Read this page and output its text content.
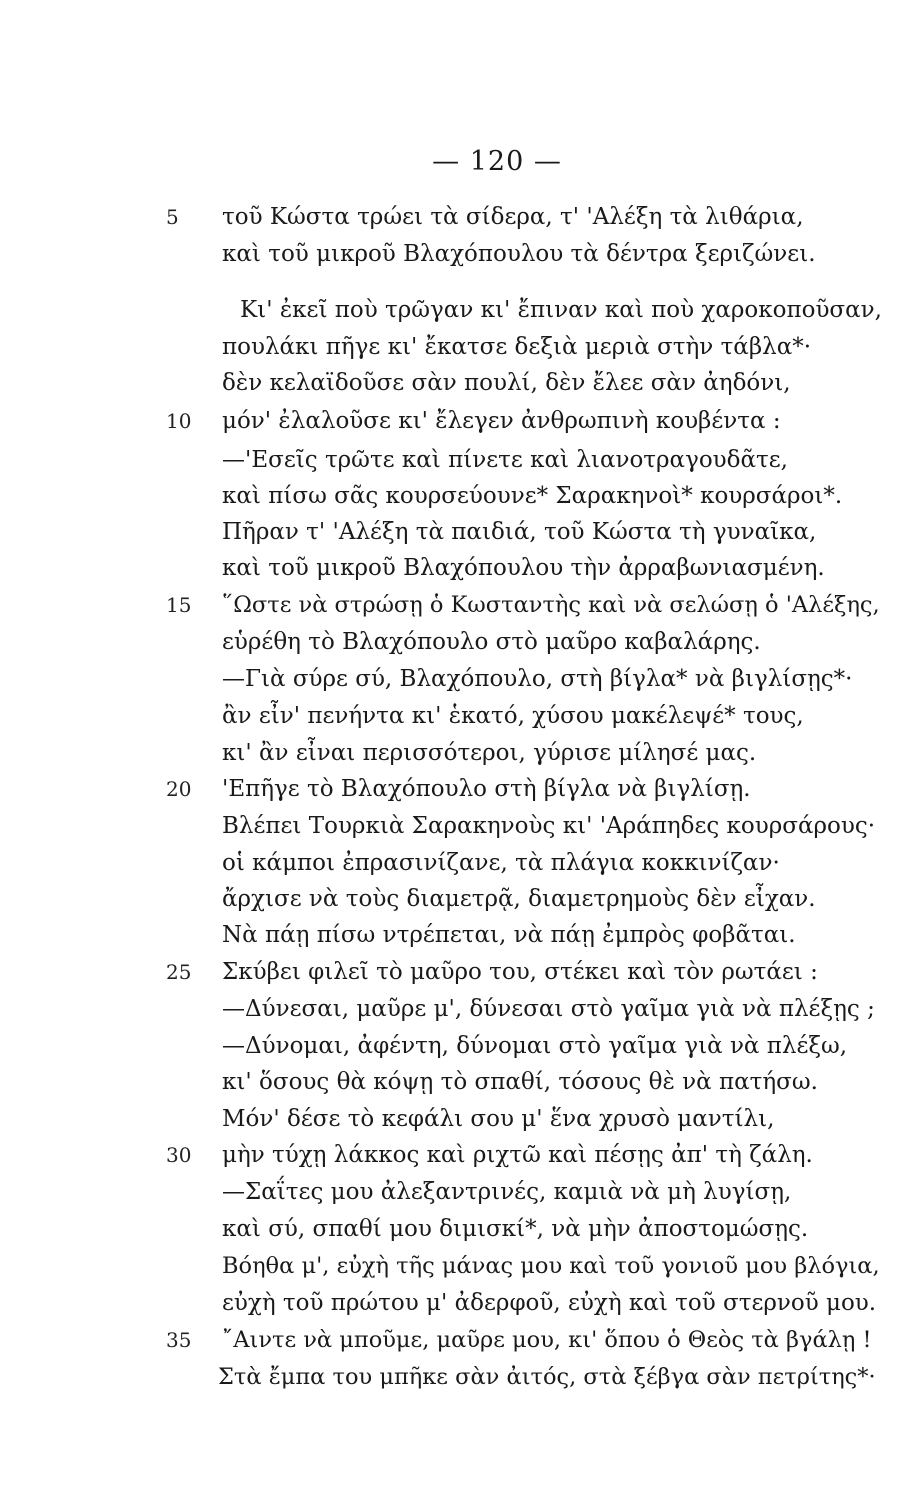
— 120 —
5	τοῦ Κώστα τρώει τὰ σίδερα, τ' 'Αλέξη τὰ λιθάρια,
καὶ τοῦ μικροῦ Βλαχόπουλου τὰ δέντρα ξεριζώνει.
Κι' ἐκεῖ ποὺ τρῶγαν κι' ἔπιναν καὶ ποὺ χαροκοποῦσαν,
πουλάκι πῆγε κι' ἔκατσε δεξιὰ μεριὰ στὴν τάβλα*·
δὲν κελαϊδοῦσε σὰν πουλί, δὲν ἔλεε σὰν ἀηδόνι,
10	μόν' ἐλαλοῦσε κι' ἔλεγεν ἀνθρωπινὴ κουβέντα :
—'Εσεῖς τρῶτε καὶ πίνετε καὶ λιανοτραγουδᾶτε,
καὶ πίσω σᾶς κουρσεύουνε* Σαρακηνοὶ* κουρσάροι*.
Πῆραν τ' 'Αλέξη τὰ παιδιά, τοῦ Κώστα τὴ γυναῖκα,
καὶ τοῦ μικροῦ Βλαχόπουλου τὴν ἀρραβωνιασμένη.
15	῞Ωστε νὰ στρώσῃ ὁ Κωσταντὴς καὶ νὰ σελώσῃ ὁ 'Αλέξης,
εὑρέθη τὸ Βλαχόπουλο στὸ μαῦρο καβαλάρης.
—Γιὰ σύρε σύ, Βλαχόπουλο, στὴ βίγλα* νὰ βιγλίσῃς*·
ἂν εἶν' πενήντα κι' ἑκατό, χύσου μακέλεψέ* τους,
κι' ἂν εἶναι περισσότεροι, γύρισε μίλησέ μας.
20	'Επῆγε τὸ Βλαχόπουλο στὴ βίγλα νὰ βιγλίσῃ.
Βλέπει Τουρκιὰ Σαρακηνοὺς κι' 'Αράπηδες κουρσάρους·
οἱ κάμποι ἐπρασινίζανε, τὰ πλάγια κοκκινίζαν·
ἄρχισε νὰ τοὺς διαμετρᾷ, διαμετρημοὺς δὲν εἶχαν.
Νὰ πάῃ πίσω ντρέπεται, νὰ πάῃ ἐμπρὸς φοβᾶται.
25	Σκύβει φιλεῖ τὸ μαῦρο του, στέκει καὶ τὸν ρωτάει :
—Δύνεσαι, μαῦρε μ', δύνεσαι στὸ γαῖμα γιὰ νὰ πλέξῃς ;
—Δύνομαι, ἀφέντη, δύνομαι στὸ γαῖμα γιὰ νὰ πλέξω,
κι' ὅσους θὰ κόψῃ τὸ σπαθί, τόσους θὲ νὰ πατήσω.
Μόν' δέσε τὸ κεφάλι σου μ' ἕνα χρυσὸ μαντίλι,
30	μὴν τύχῃ λάκκος καὶ ριχτῶ καὶ πέσῃς ἀπ' τὴ ζάλη.
—Σαΐτες μου ἀλεξαντρινές, καμιὰ νὰ μὴ λυγίσῃ,
καὶ σύ, σπαθί μου διμισκί*, νὰ μὴν ἀποστομώσῃς.
Βόηθα μ', εὐχὴ τῆς μάνας μου καὶ τοῦ γονιοῦ μου βλόγια,
εὐχὴ τοῦ πρώτου μ' ἀδερφοῦ, εὐχὴ καὶ τοῦ στερνοῦ μου.
35	῎Αιντε νὰ μποῦμε, μαῦρε μου, κι' ὅπου ὁ Θεὸς τὰ βγάλῃ !
Στὰ ἔμπα του μπῆκε σὰν ἀιτός, στὰ ξέβγα σὰν πετρίτης*·
